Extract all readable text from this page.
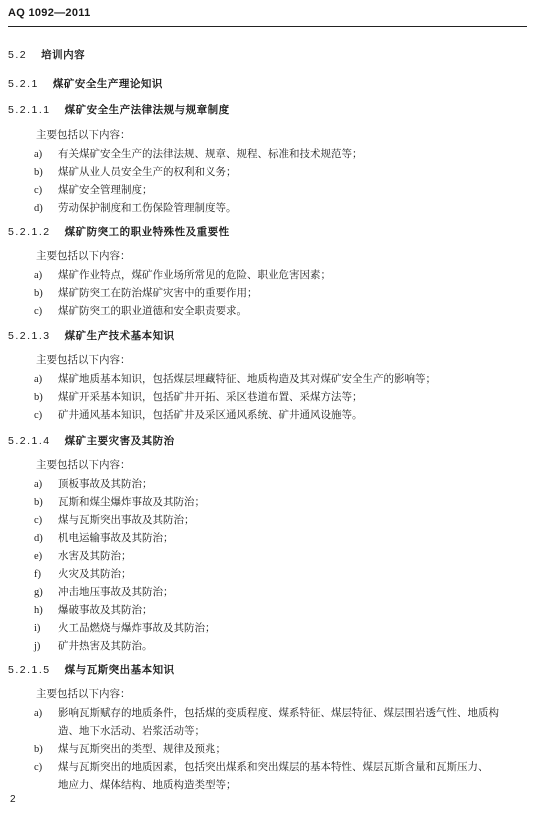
AQ 1092—2011
5.2 培训内容
5.2.1 煤矿安全生产理论知识
5.2.1.1 煤矿安全生产法律法规与规章制度
主要包括以下内容：
a) 有关煤矿安全生产的法律法规、规章、规程、标准和技术规范等；
b) 煤矿从业人员安全生产的权利和义务；
c) 煤矿安全管理制度；
d) 劳动保护制度和工伤保险管理制度等。
5.2.1.2 煤矿防突工的职业特殊性及重要性
主要包括以下内容：
a) 煤矿作业特点，煤矿作业场所常见的危险、职业危害因素；
b) 煤矿防突工在防治煤矿灾害中的重要作用；
c) 煤矿防突工的职业道德和安全职责要求。
5.2.1.3 煤矿生产技术基本知识
主要包括以下内容：
a) 煤矿地质基本知识，包括煤层埋藏特征、地质构造及其对煤矿安全生产的影响等；
b) 煤矿开采基本知识，包括矿井开拓、采区巷道布置、采煤方法等；
c) 矿井通风基本知识，包括矿井及采区通风系统、矿井通风设施等。
5.2.1.4 煤矿主要灾害及其防治
主要包括以下内容：
a) 顶板事故及其防治；
b) 瓦斯和煤尘爆炸事故及其防治；
c) 煤与瓦斯突出事故及其防治；
d) 机电运输事故及其防治；
e) 水害及其防治；
f) 火灾及其防治；
g) 冲击地压事故及其防治；
h) 爆破事故及其防治；
i) 火工品燃烧与爆炸事故及其防治；
j) 矿井热害及其防治。
5.2.1.5 煤与瓦斯突出基本知识
主要包括以下内容：
a) 影响瓦斯赋存的地质条件，包括煤的变质程度、煤系特征、煤层特征、煤层围岩透气性、地质构
造、地下水活动、岩浆活动等；
b) 煤与瓦斯突出的类型、规律及预兆；
c) 煤与瓦斯突出的地质因素，包括突出煤系和突出煤层的基本特性、煤层瓦斯含量和瓦斯压力、
地应力、煤体结构、地质构造类型等；
2
